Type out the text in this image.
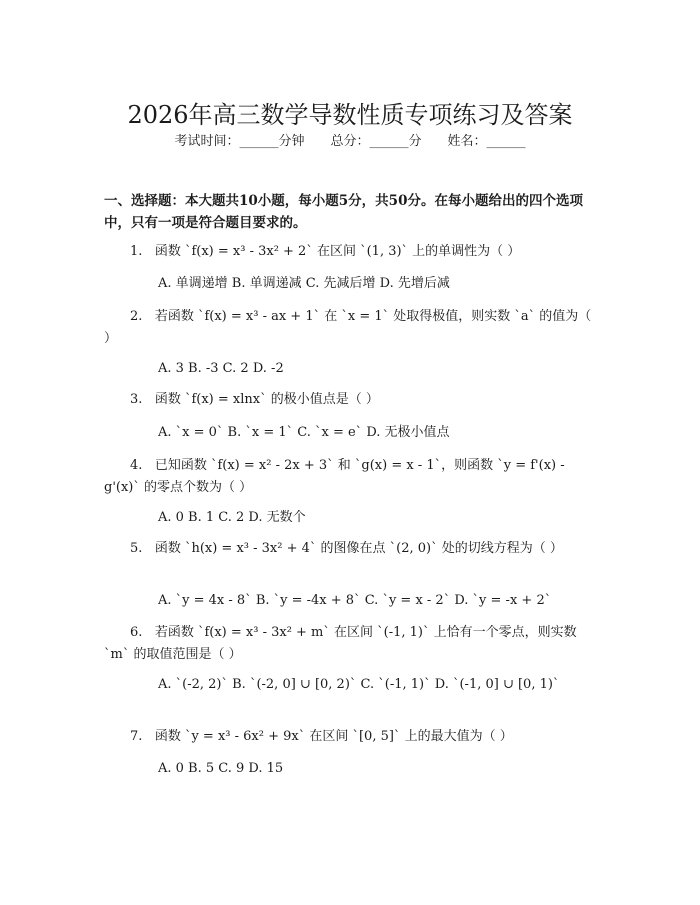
2026年高三数学导数性质专项练习及答案
考试时间：______分钟 总分：______分 姓名：______
一、选择题：本大题共10小题，每小题5分，共50分。在每小题给出的四个选项中，只有一项是符合题目要求的。
1. 函数 `f(x) = x³ - 3x² + 2` 在区间 `(1, 3)` 上的单调性为（ ）
A. 单调递增 B. 单调递减 C. 先减后增 D. 先增后减
2. 若函数 `f(x) = x³ - ax + 1` 在 `x = 1` 处取得极值，则实数 `a` 的值为（ ）
A. 3 B. -3 C. 2 D. -2
3. 函数 `f(x) = xlnx` 的极小值点是（ ）
A. `x = 0` B. `x = 1` C. `x = e` D. 无极小值点
4. 已知函数 `f(x) = x² - 2x + 3` 和 `g(x) = x - 1`，则函数 `y = f'(x) - g'(x)` 的零点个数为（ ）
A. 0 B. 1 C. 2 D. 无数个
5. 函数 `h(x) = x³ - 3x² + 4` 的图像在点 `(2, 0)` 处的切线方程为（ ）
A. `y = 4x - 8` B. `y = -4x + 8` C. `y = x - 2` D. `y = -x + 2`
6. 若函数 `f(x) = x³ - 3x² + m` 在区间 `(-1, 1)` 上恰有一个零点，则实数 `m` 的取值范围是（ ）
A. `(-2, 2)` B. `(-2, 0] ∪ [0, 2)` C. `(-1, 1)` D. `(-1, 0] ∪ [0, 1)`
7. 函数 `y = x³ - 6x² + 9x` 在区间 `[0, 5]` 上的最大值为（ ）
A. 0 B. 5 C. 9 D. 15
